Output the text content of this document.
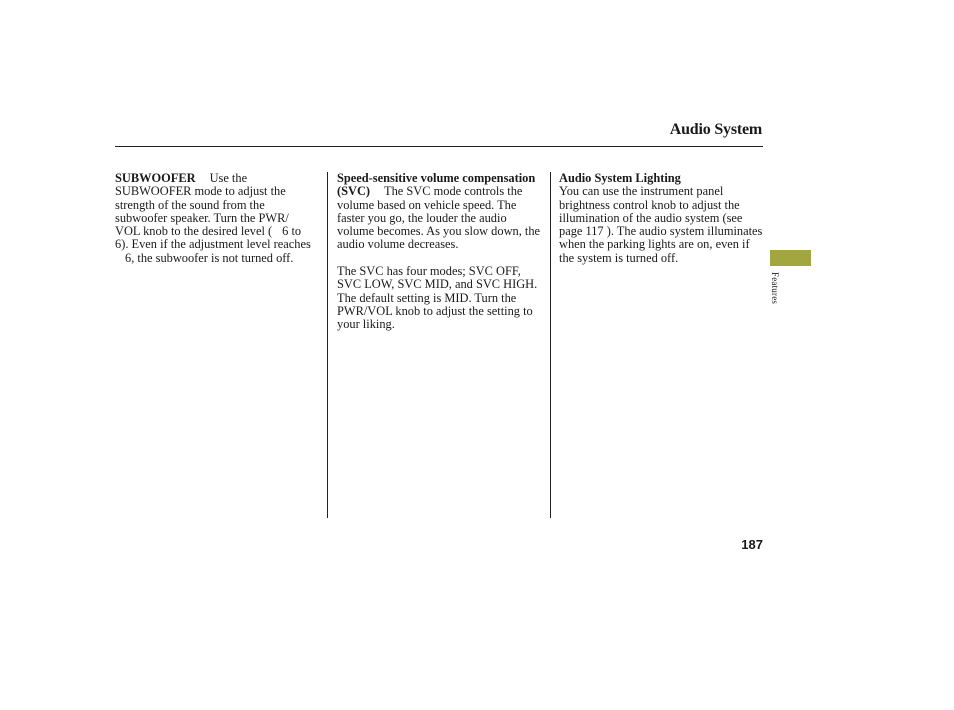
Audio System

SUBWOOFER Use the SUBWOOFER mode to adjust the strength of the sound from the subwoofer speaker. Turn the PWR/ VOL knob to the desired level ( 6 to6). Even if the adjustment level reaches6, the subwoofer is not turned off.

Speed-sensitive volume compensation (SVC) The SVC mode controls the volume based on vehicle speed. The faster you go, the louder the audio volume becomes. As you slow down, the audio volume decreases.

The SVC has four modes; SVC OFF, SVC LOW, SVC MID, and SVC HIGH. The default setting is MID. Turn the PWR/VOL knob to adjust the setting to your liking.

Audio System Lighting
You can use the instrument panel brightness control knob to adjust the illumination of the audio system (see page 117 ). The audio system illuminates when the parking lights are on, even if the system is turned off.

Features
187
